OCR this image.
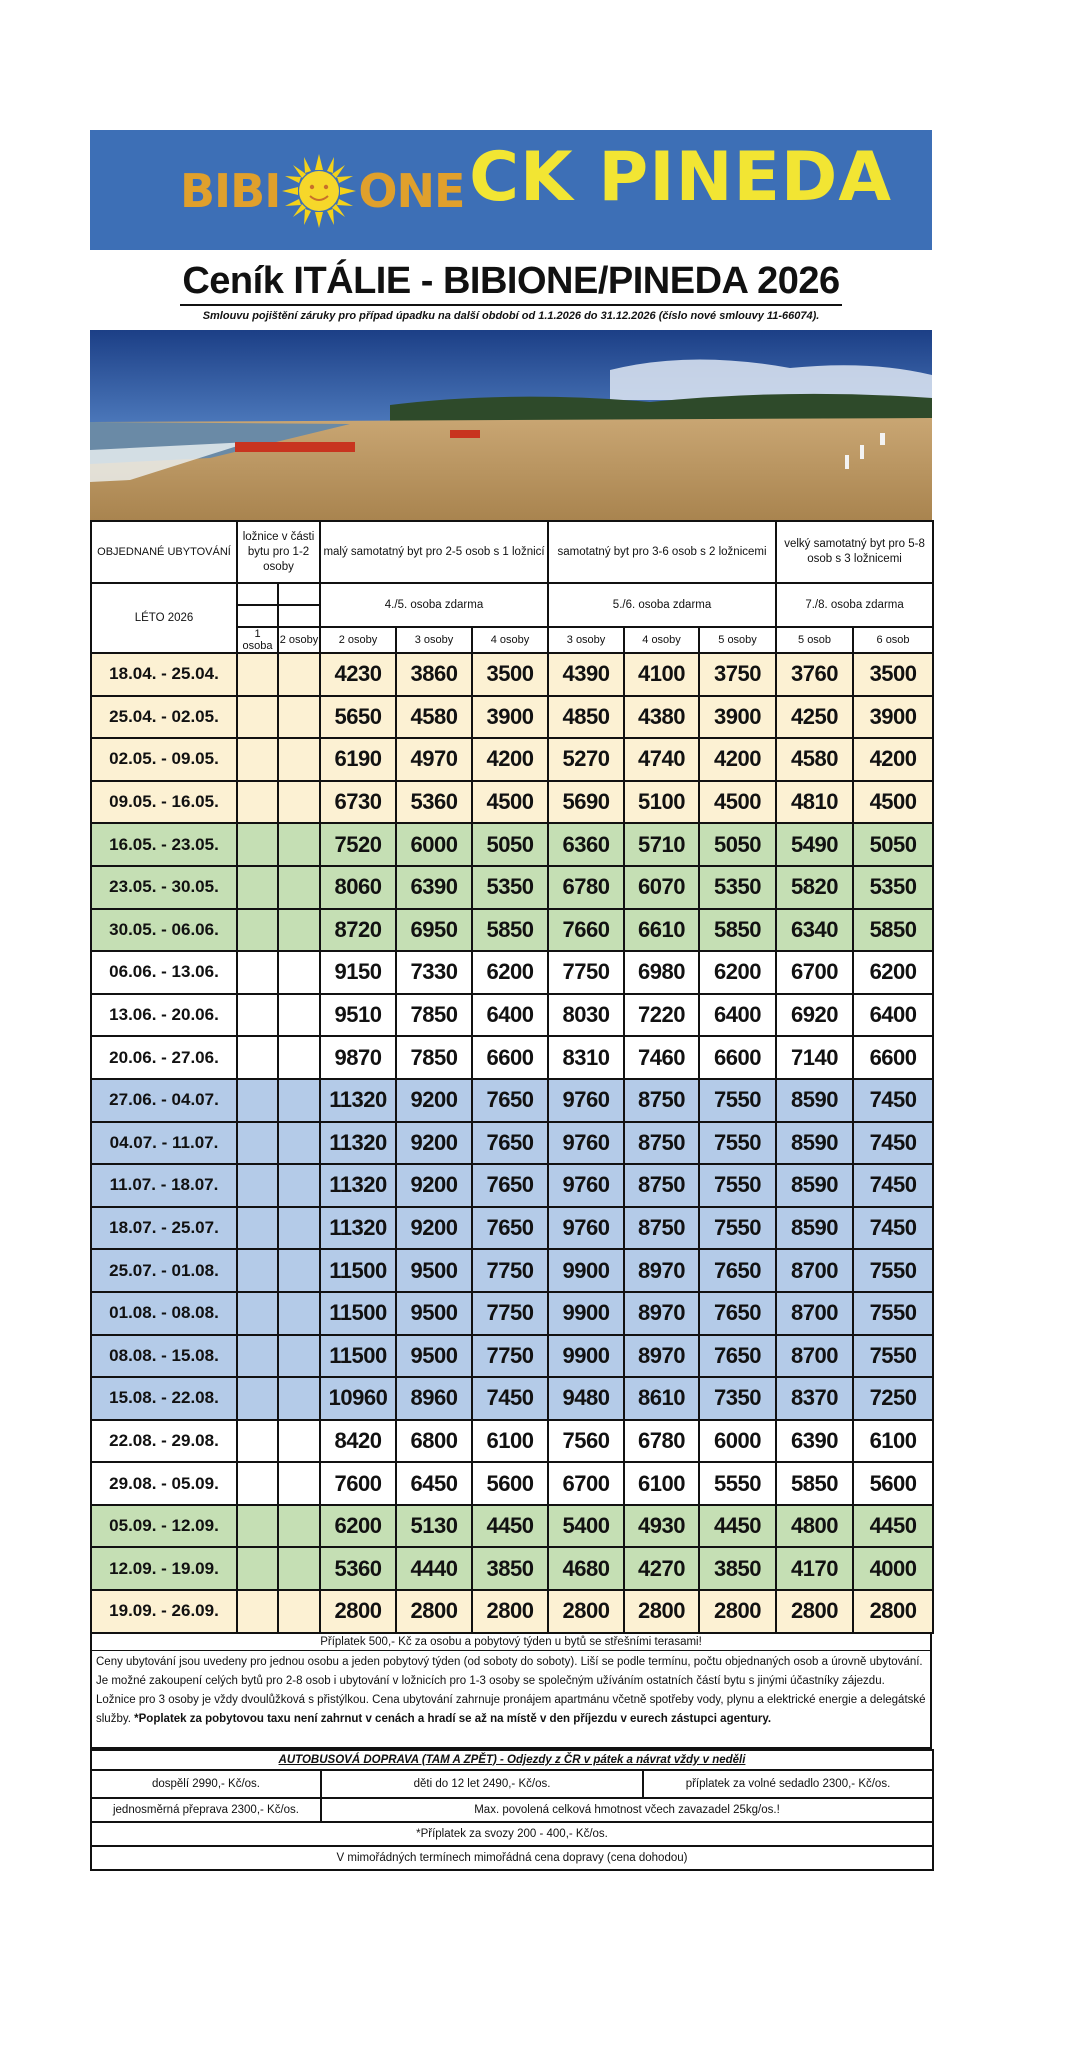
BIBI ONE CK PINEDA
Ceník ITÁLIE - BIBIONE/PINEDA 2026
Smlouvu pojištění záruky pro případ úpadku na další období od 1.1.2026 do 31.12.2026 (číslo nové smlouvy 11-66074).
OBJEDNANÉ UBYTOVÁNÍ	ložnice v části bytu pro 1-2 osoby		malý samotatný byt pro 2-5 osob s 1 ložnicí			samotatný byt pro 3-6 osob s 2 ložnicemi			velký samotatný byt pro 5-8 osob s 3 ložnicemi	
LÉTO 2026			4./5. osoba zdarma			5./6. osoba zdarma			7./8. osoba zdarma	

	1 osoba	2 osoby	2 osoby	3 osoby	4 osoby	3 osoby	4 osoby	5 osoby	5 osob	6 osob
18.04. - 25.04.			4230	3860	3500	4390	4100	3750	3760	3500
25.04. - 02.05.			5650	4580	3900	4850	4380	3900	4250	3900
02.05. - 09.05.			6190	4970	4200	5270	4740	4200	4580	4200
09.05. - 16.05.			6730	5360	4500	5690	5100	4500	4810	4500
16.05. - 23.05.			7520	6000	5050	6360	5710	5050	5490	5050
23.05. - 30.05.			8060	6390	5350	6780	6070	5350	5820	5350
30.05. - 06.06.			8720	6950	5850	7660	6610	5850	6340	5850
06.06. - 13.06.			9150	7330	6200	7750	6980	6200	6700	6200
13.06. - 20.06.			9510	7850	6400	8030	7220	6400	6920	6400
20.06. - 27.06.			9870	7850	6600	8310	7460	6600	7140	6600
27.06. - 04.07.			11320	9200	7650	9760	8750	7550	8590	7450
04.07. - 11.07.			11320	9200	7650	9760	8750	7550	8590	7450
11.07. - 18.07.			11320	9200	7650	9760	8750	7550	8590	7450
18.07. - 25.07.			11320	9200	7650	9760	8750	7550	8590	7450
25.07. - 01.08.			11500	9500	7750	9900	8970	7650	8700	7550
01.08. - 08.08.			11500	9500	7750	9900	8970	7650	8700	7550
08.08. - 15.08.			11500	9500	7750	9900	8970	7650	8700	7550
15.08. - 22.08.			10960	8960	7450	9480	8610	7350	8370	7250
22.08. - 29.08.			8420	6800	6100	7560	6780	6000	6390	6100
29.08. - 05.09.			7600	6450	5600	6700	6100	5550	5850	5600
05.09. - 12.09.			6200	5130	4450	5400	4930	4450	4800	4450
12.09. - 19.09.			5360	4440	3850	4680	4270	3850	4170	4000
19.09. - 26.09.			2800	2800	2800	2800	2800	2800	2800	2800
Příplatek 500,- Kč za osobu a pobytový týden u bytů se střešními terasami!
Ceny ubytování jsou uvedeny pro jednou osobu a jeden pobytový týden (od soboty do soboty). Liší se podle termínu, počtu objednaných osob a úrovně ubytování. Je možné zakoupení celých bytů pro 2-8 osob i ubytování v ložnicích pro 1-3 osoby se společným užíváním ostatních částí bytu s jinými účastníky zájezdu. Ložnice pro 3 osoby je vždy dvoulůžková s přistýlkou. Cena ubytování zahrnuje pronájem apartmánu včetně spotřeby vody, plynu a elektrické energie a delegátské služby. *Poplatek za pobytovou taxu není zahrnut v cenách a hradí se až na místě v den příjezdu v eurech zástupci agentury.
AUTOBUSOVÁ DOPRAVA (TAM A ZPĚT) - Odjezdy z ČR v pátek a návrat vždy v neděli		
dospělí 2990,- Kč/os.	děti do 12 let 2490,- Kč/os.	příplatek za volné sedadlo 2300,- Kč/os.
jednosměrná přeprava 2300,- Kč/os.	Max. povolená celková hmotnost včech zavazadel 25kg/os.!	
*Příplatek za svozy 200 - 400,- Kč/os.		
V mimořádných termínech mimořádná cena dopravy (cena dohodou)		
